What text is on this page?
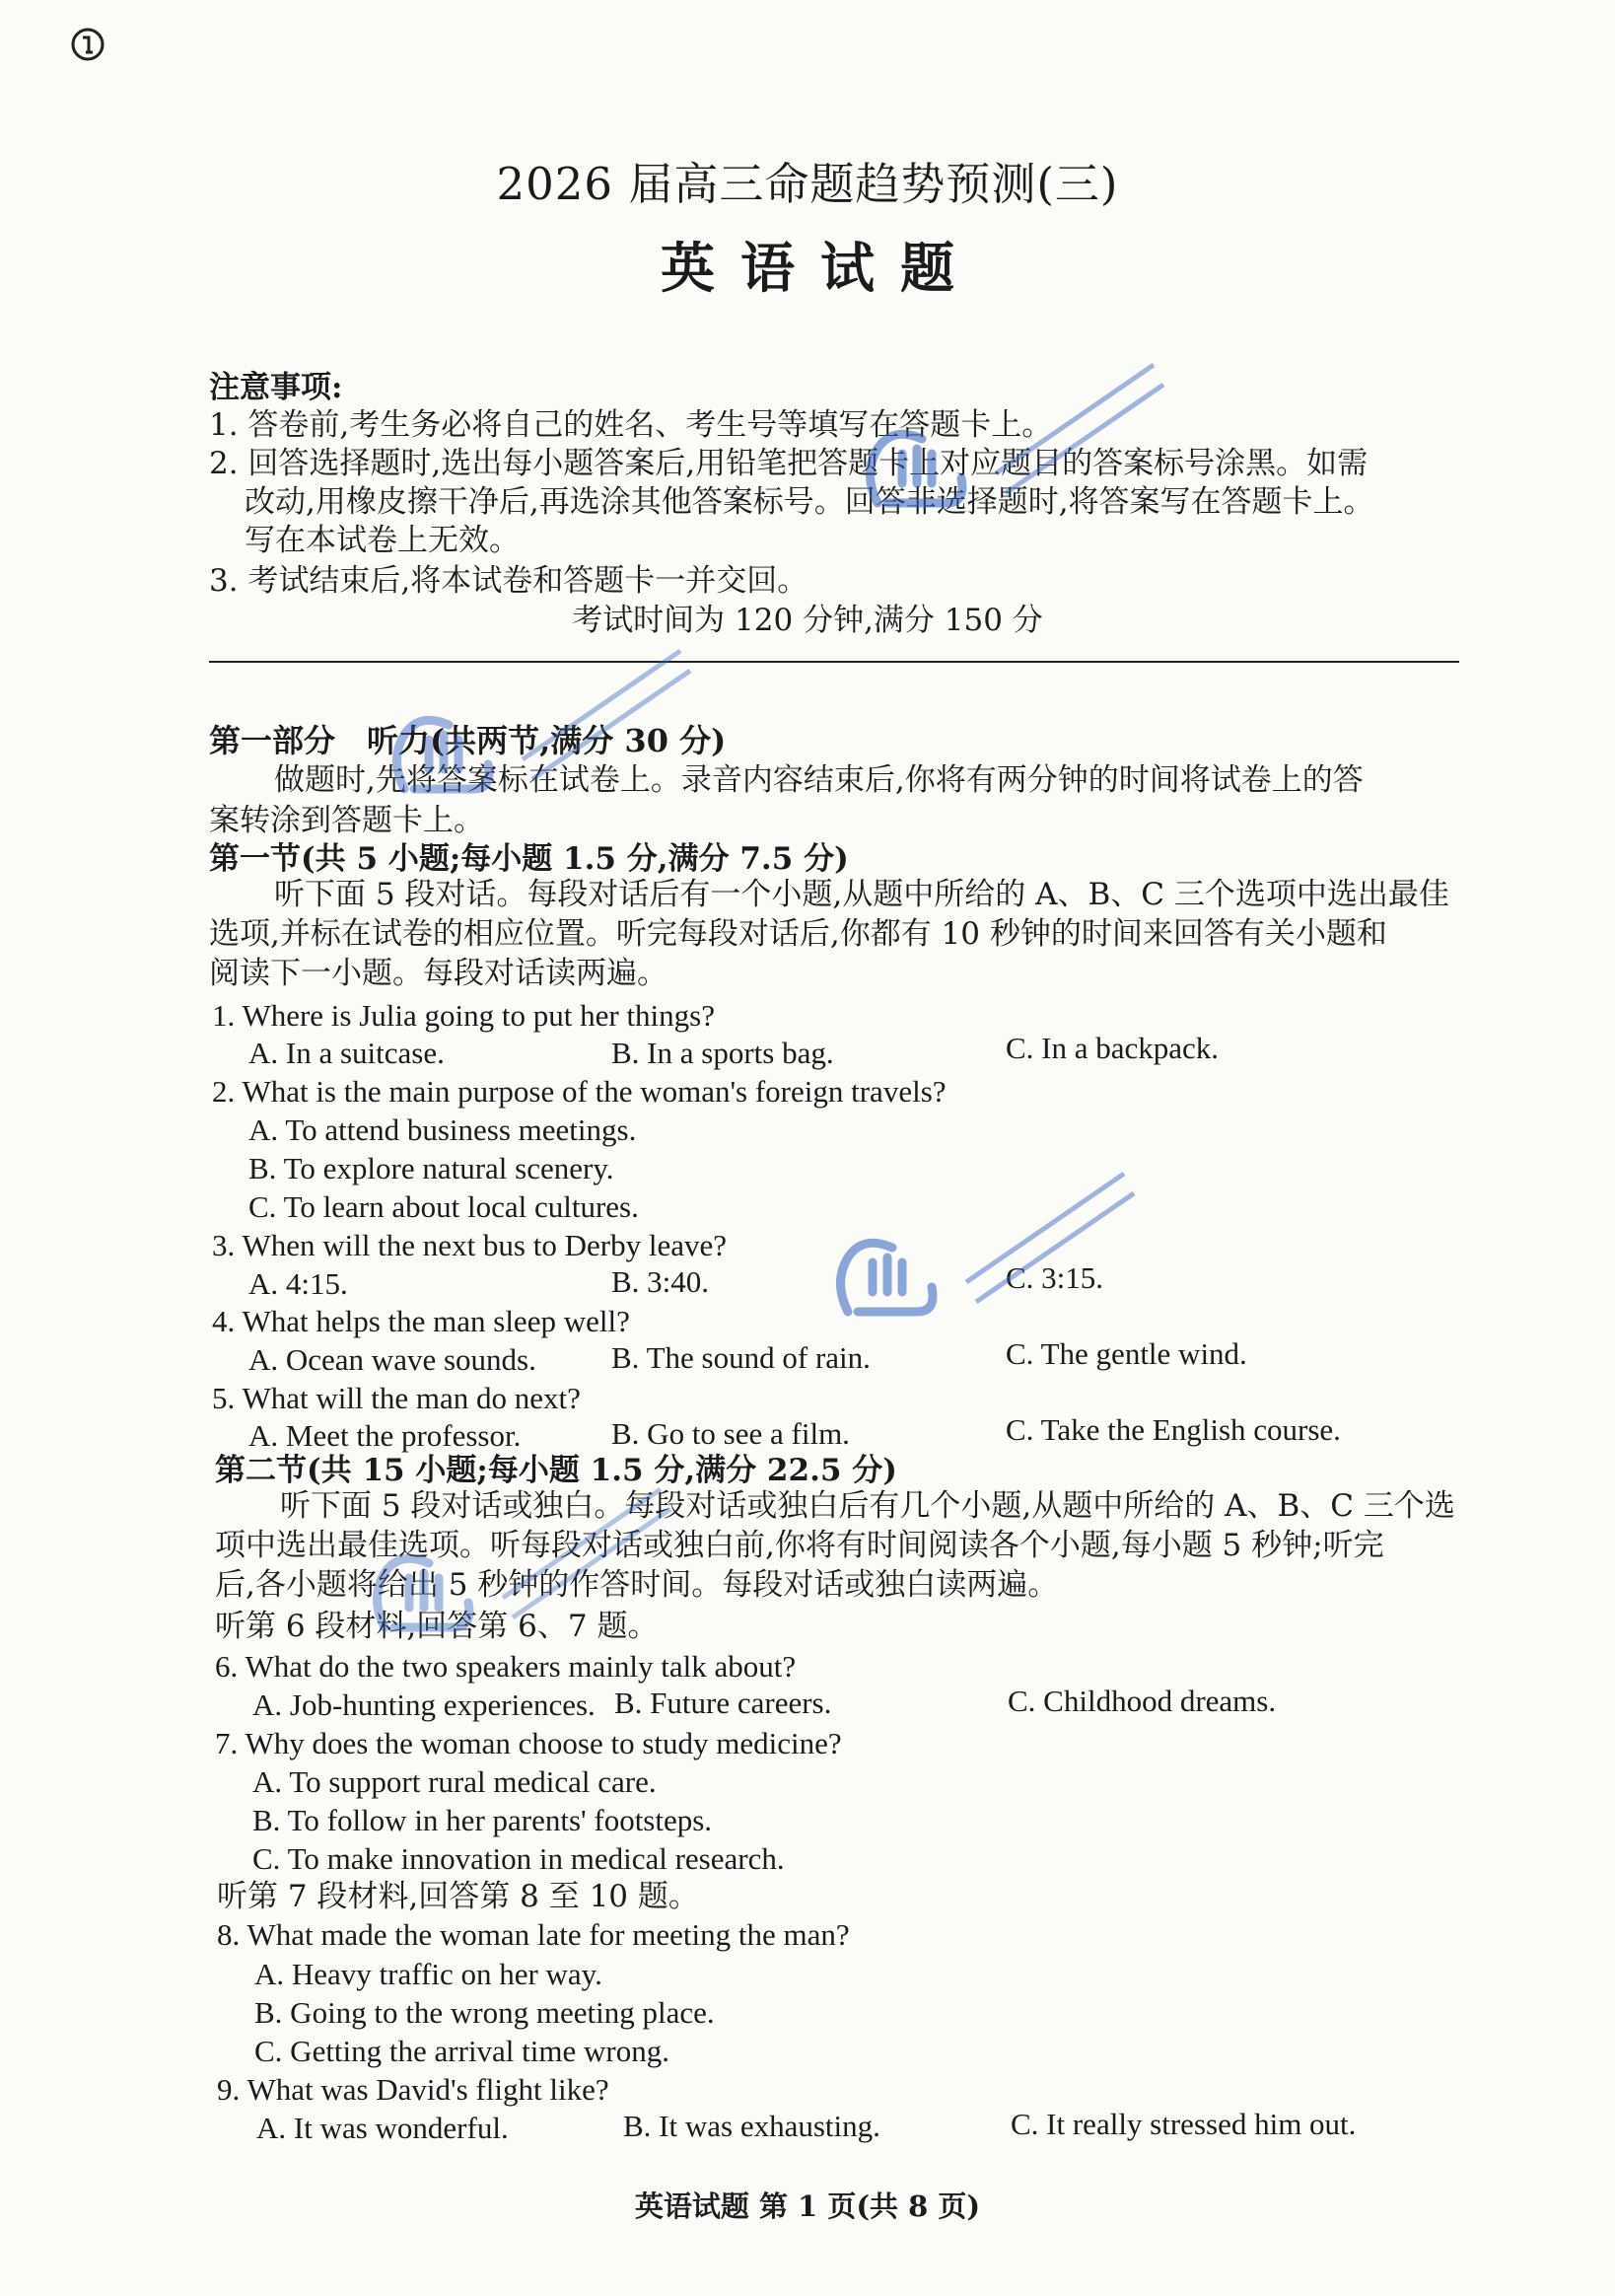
2026 届高三命题趋势预测(三)
英语试题
注意事项:
1. 答卷前,考生务必将自己的姓名、考生号等填写在答题卡上。
2. 回答选择题时,选出每小题答案后,用铅笔把答题卡上对应题目的答案标号涂黑。如需
改动,用橡皮擦干净后,再选涂其他答案标号。回答非选择题时,将答案写在答题卡上。
写在本试卷上无效。
3. 考试结束后,将本试卷和答题卡一并交回。
考试时间为 120 分钟,满分 150 分
第一部分　听力(共两节,满分 30 分)
做题时,先将答案标在试卷上。录音内容结束后,你将有两分钟的时间将试卷上的答
案转涂到答题卡上。
第一节(共 5 小题;每小题 1.5 分,满分 7.5 分)
听下面 5 段对话。每段对话后有一个小题,从题中所给的 A、B、C 三个选项中选出最佳
选项,并标在试卷的相应位置。听完每段对话后,你都有 10 秒钟的时间来回答有关小题和
阅读下一小题。每段对话读两遍。
1. Where is Julia going to put her things?
A. In a suitcase.	B. In a sports bag.	C. In a backpack.
2. What is the main purpose of the woman's foreign travels?
A. To attend business meetings.
B. To explore natural scenery.
C. To learn about local cultures.
3. When will the next bus to Derby leave?
A. 4:15.	B. 3:40.	C. 3:15.
4. What helps the man sleep well?
A. Ocean wave sounds. B. The sound of rain.	C. The gentle wind.
5. What will the man do next?
A. Meet the professor.	B. Go to see a film.	C. Take the English course.
第二节(共 15 小题;每小题 1.5 分,满分 22.5 分)
听下面 5 段对话或独白。每段对话或独白后有几个小题,从题中所给的 A、B、C 三个选
项中选出最佳选项。听每段对话或独白前,你将有时间阅读各个小题,每小题 5 秒钟;听完
后,各小题将给出 5 秒钟的作答时间。每段对话或独白读两遍。
听第 6 段材料,回答第 6、7 题。
6. What do the two speakers mainly talk about?
A. Job-hunting experiences. B. Future careers.	C. Childhood dreams.
7. Why does the woman choose to study medicine?
A. To support rural medical care.
B. To follow in her parents' footsteps.
C. To make innovation in medical research.
听第 7 段材料,回答第 8 至 10 题。
8. What made the woman late for meeting the man?
A. Heavy traffic on her way.
B. Going to the wrong meeting place.
C. Getting the arrival time wrong.
9. What was David's flight like?
A. It was wonderful.	B. It was exhausting.	C. It really stressed him out.
英语试题 第 1 页(共 8 页)
